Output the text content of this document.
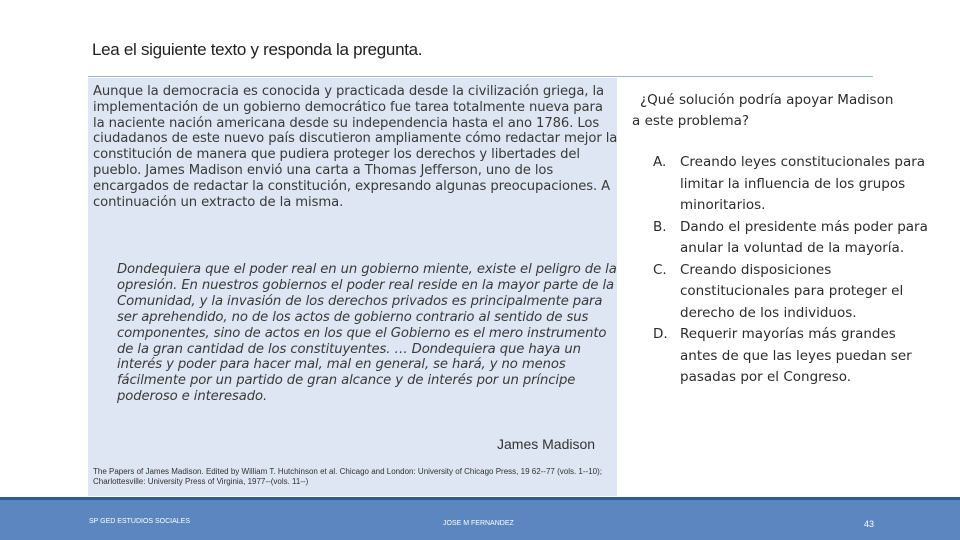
Lea el siguiente texto y responda la pregunta.

Aunque la democracia es conocida y practicada desde la civilización griega, la implementación de un gobierno democrático fue tarea totalmente nueva para la naciente nación americana desde su independencia hasta el ano 1786. Los ciudadanos de este nuevo país discutieron ampliamente cómo redactar mejor la constitución de manera que pudiera proteger los derechos y libertades del pueblo. James Madison envió una carta a Thomas Jefferson, uno de los encargados de redactar la constitución, expresando algunas preocupaciones. A continuación un extracto de la misma.

Dondequiera que el poder real en un gobierno miente, existe el peligro de la opresión. En nuestros gobiernos el poder real reside en la mayor parte de la Comunidad, y la invasión de los derechos privados es principalmente para ser aprehendido, no de los actos de gobierno contrario al sentido de sus componentes, sino de actos en los que el Gobierno es el mero instrumento de la gran cantidad de los constituyentes. … Dondequiera que haya un interés y poder para hacer mal, mal en general, se hará, y no menos fácilmente por un partido de gran alcance y de interés por un príncipe poderoso e interesado.

James Madison

The Papers of James Madison. Edited by William T. Hutchinson et al. Chicago and London: University of Chicago Press, 19 62--77 (vols. 1--10); Charlottesville: University Press of Virginia, 1977--(vols. 11--)

¿Qué solución podría apoyar Madison
a este problema?

A. Creando leyes constitucionales para limitar la influencia de los grupos minoritarios.
B. Dando el presidente más poder para anular la voluntad de la mayoría.
C. Creando disposiciones constitucionales para proteger el derecho de los individuos.
D. Requerir mayorías más grandes antes de que las leyes puedan ser pasadas por el Congreso.
SP GED ESTUDIOS SOCIALES	JOSE M FERNANDEZ	43
